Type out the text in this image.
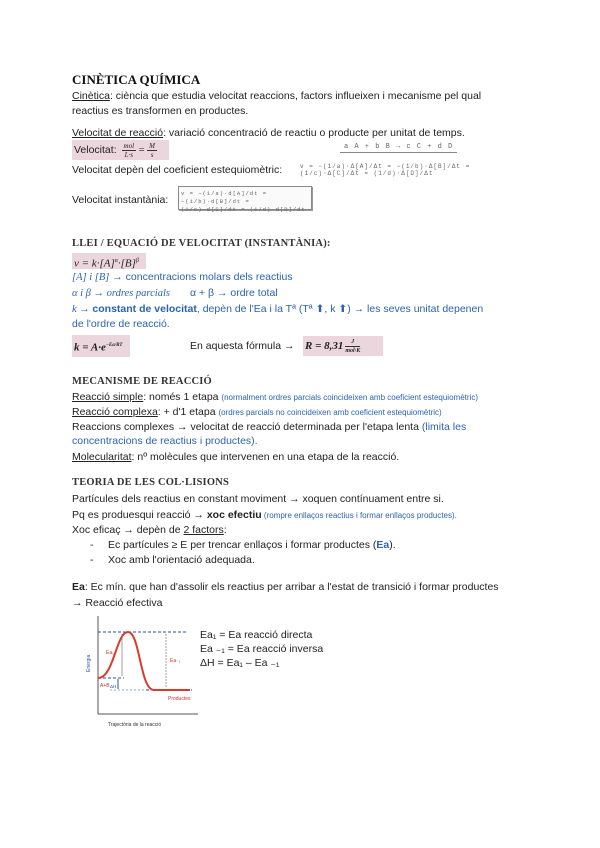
CINÈTICA QUÍMICA
Cinètica: ciència que estudia velocitat reaccions, factors influeixen i mecanisme pel qual
reactius es transformen en productes.
Velocitat de reacció: variació concentració de reactiu o producte per unitat de temps.
Velocitat: $\frac{\text{mol}}{L\cdot s} = \frac{M}{s}$	a A + b B → c C + d D
Velocitat depèn del coeficient estequiomètric:	v = −(1/a)·Δ[A]/Δt = −(1/b)·Δ[B]/Δt = (1/c)·Δ[C]/Δt = (1/d)·Δ[D]/Δt
Velocitat instantània:
v = −(1/a)·d[A]/dt = −(1/b)·d[B]/dt = (1/c)·d[C]/dt = (1/d)·d[D]/dt
LLEI / EQUACIÓ DE VELOCITAT (INSTANTÀNIA):
$v = k\cdot[A]^\alpha\cdot[B]^\beta$
[A] i [B] → concentracions molars dels reactius
α i β → ordres parcials α + β → ordre total
k → constant de velocitat, depèn de l'Ea i la Tª (Tª ⬆, k ⬆) → les seves unitat depenen
de l'ordre de reacció.
$k = A\cdot e^{-Ea/RT}$	En aquesta fórmula → $R = 8,31 \frac{J}{\text{mol·K}}$
MECANISME DE REACCIÓ
Reacció simple: només 1 etapa (normalment ordres parcials coincideixen amb coeficient estequiomètric)
Reacció complexa: + d'1 etapa (ordres parcials no coincideixen amb coeficient estequiomètric)
Reaccions complexes → velocitat de reacció determinada per l'etapa lenta (limita les
concentracions de reactius i productes).
Molecularitat: nº molècules que intervenen en una etapa de la reacció.
TEORIA DE LES COL·LISIONS
Partícules dels reactius en constant moviment → xoquen contínuament entre si.
Pq es produesqui reacció → xoc efectiu (rompre enllaços reactius i formar enllaços productes).
Xoc eficaç → depèn de 2 factors:
- Ec partícules ≥ E per trencar enllaços i formar productes (Ea).
- Xoc amb l'orientació adequada.
Ea: Ec mín. que han d'assolir els reactius per arribar a l'estat de transició i formar productes
→ Reacció efectiva
Ea₁
Ea₋₁
A+B ΔH
Productes
Energia
Trajectòria de la reacció
Ea₁ = Ea reacció directa
Ea ₋₁ = Ea reacció inversa
ΔH = Ea₁ – Ea ₋₁
